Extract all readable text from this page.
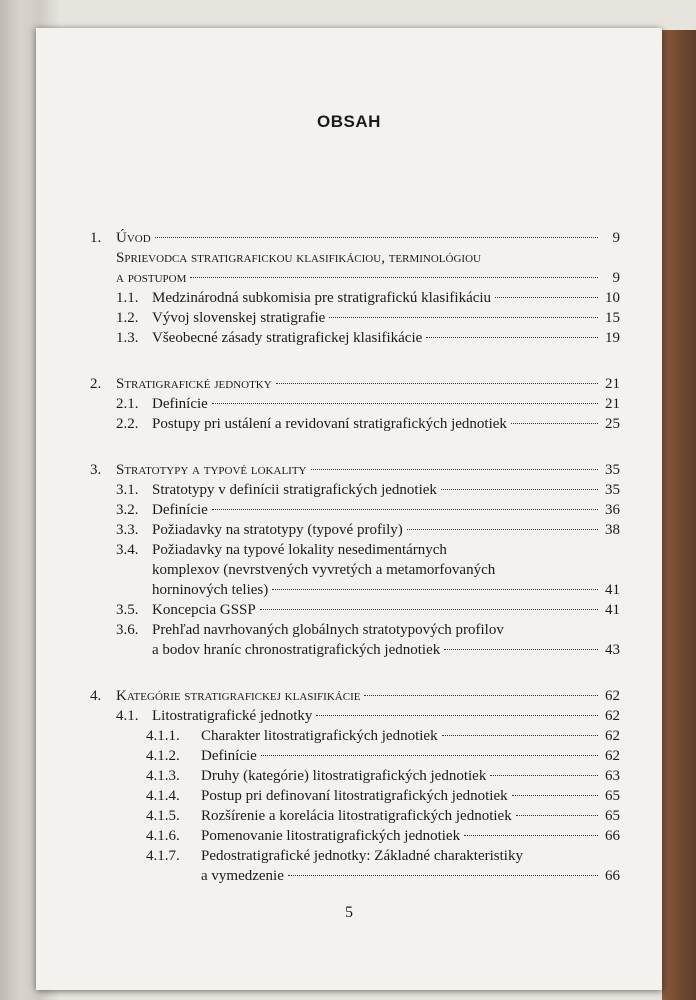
OBSAH
1. Úvod	9
Sprievodca stratigrafickou klasifikáciou, terminológiou
a postupom	9
1.1. Medzinárodná subkomisia pre stratigrafickú klasifikáciu	10
1.2. Vývoj slovenskej stratigrafie	15
1.3. Všeobecné zásady stratigrafickej klasifikácie	19
2. Stratigrafické jednotky	21
2.1. Definície	21
2.2. Postupy pri ustálení a revidovaní stratigrafických jednotiek	25
3. Stratotypy a typové lokality	35
3.1. Stratotypy v definícii stratigrafických jednotiek	35
3.2. Definície	36
3.3. Požiadavky na stratotypy (typové profily)	38
3.4. Požiadavky na typové lokality nesedimentárnych
komplexov (nevrstvených vyvretých a metamorfovaných
horninových telies)	41
3.5. Koncepcia GSSP	41
3.6. Prehľad navrhovaných globálnych stratotypových profilov
a bodov hraníc chronostratigrafických jednotiek	43
4. Kategórie stratigrafickej klasifikácie	62
4.1. Litostratigrafické jednotky	62
4.1.1.	Charakter litostratigrafických jednotiek	62
4.1.2.	Definície	62
4.1.3.	Druhy (kategórie) litostratigrafických jednotiek	63
4.1.4.	Postup pri definovaní litostratigrafických jednotiek	65
4.1.5.	Rozšírenie a korelácia litostratigrafických jednotiek	65
4.1.6.	Pomenovanie litostratigrafických jednotiek	66
4.1.7.	Pedostratigrafické jednotky: Základné charakteristiky
a vymedzenie	66
5
